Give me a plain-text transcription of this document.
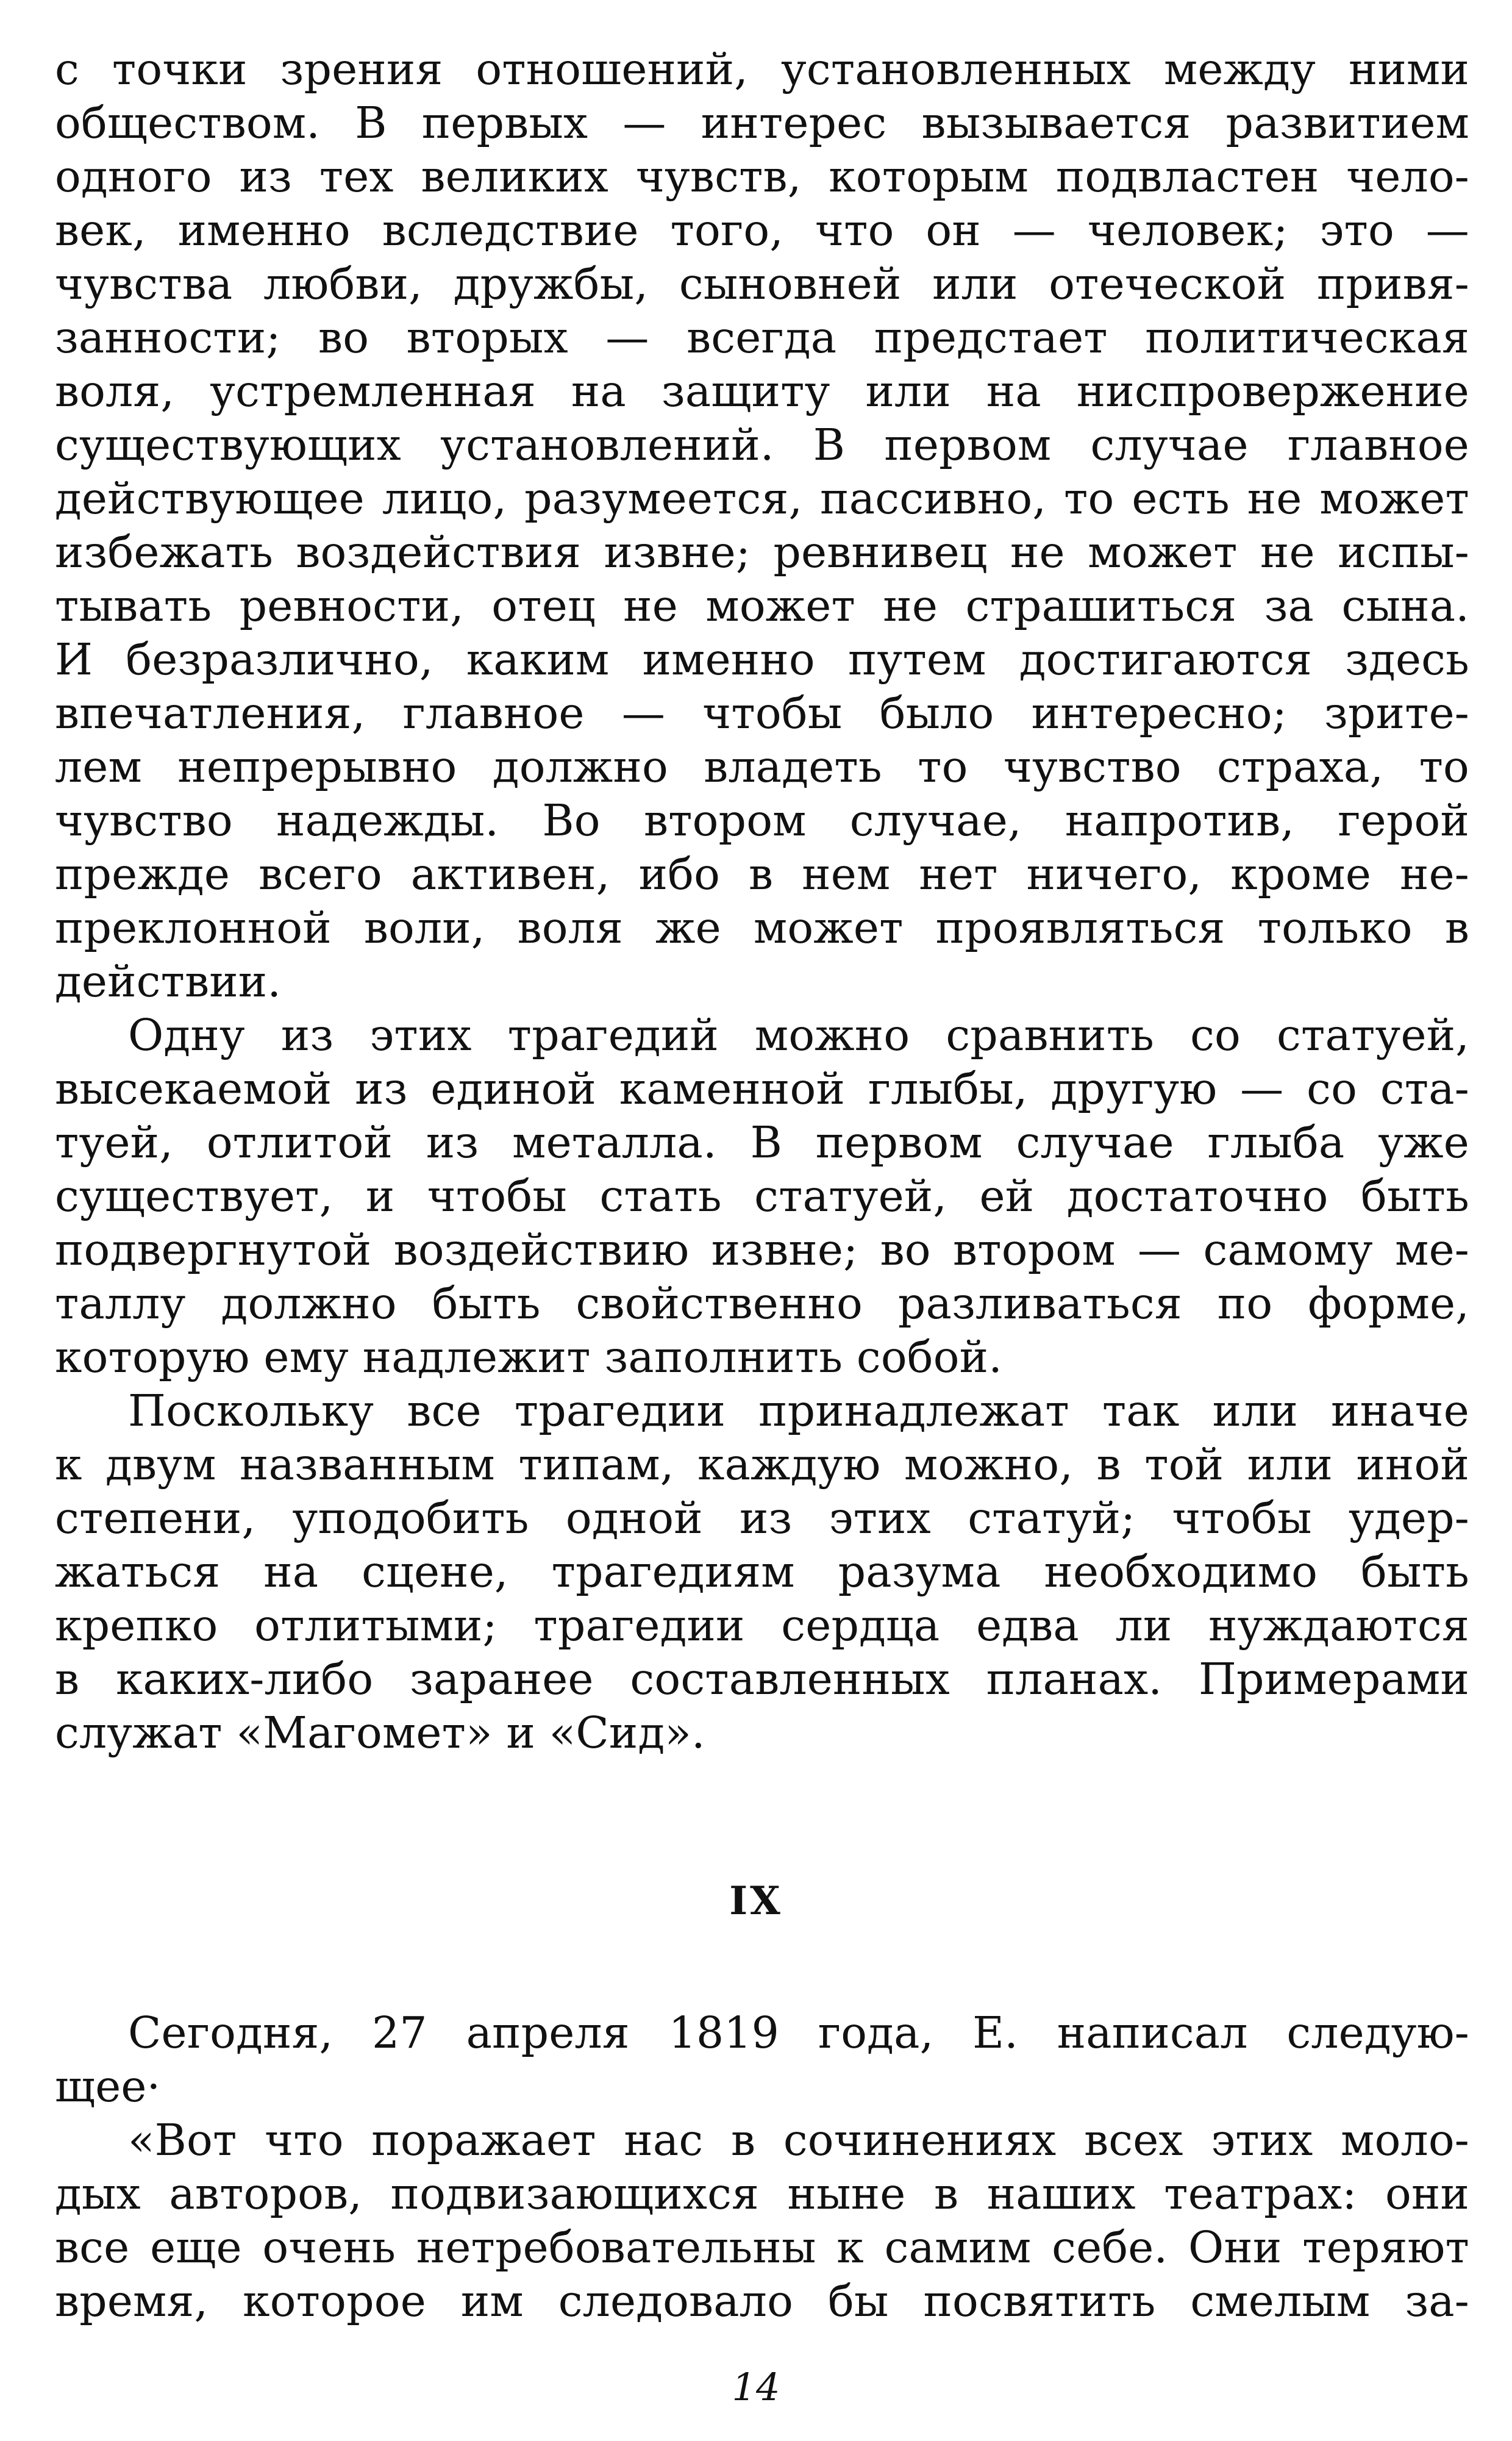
с точки зрения отношений, установленных между ними
обществом. В первых — интерес вызывается развитием
одного из тех великих чувств, которым подвластен чело-
век, именно вследствие того, что он — человек; это —
чувства любви, дружбы, сыновней или отеческой привя-
занности; во вторых — всегда предстает политическая
воля, устремленная на защиту или на ниспровержение
существующих установлений. В первом случае главное
действующее лицо, разумеется, пассивно, то есть не может
избежать воздействия извне; ревнивец не может не испы-
тывать ревности, отец не может не страшиться за сына.
И безразлично, каким именно путем достигаются здесь
впечатления, главное — чтобы было интересно; зрите-
лем непрерывно должно владеть то чувство страха, то
чувство надежды. Во втором случае, напротив, герой
прежде всего активен, ибо в нем нет ничего, кроме не-
преклонной воли, воля же может проявляться только в
действии.
Одну из этих трагедий можно сравнить со статуей,
высекаемой из единой каменной глыбы, другую — со ста-
туей, отлитой из металла. В первом случае глыба уже
существует, и чтобы стать статуей, ей достаточно быть
подвергнутой воздействию извне; во втором — самому ме-
таллу должно быть свойственно разливаться по форме,
которую ему надлежит заполнить собой.
Поскольку все трагедии принадлежат так или иначе
к двум названным типам, каждую можно, в той или иной
степени, уподобить одной из этих статуй; чтобы удер-
жаться на сцене, трагедиям разума необходимо быть
крепко отлитыми; трагедии сердца едва ли нуждаются
в каких-либо заранее составленных планах. Примерами
служат «Магомет» и «Сид».
IX
Сегодня, 27 апреля 1819 года, Е. написал следую-
щее·
«Вот что поражает нас в сочинениях всех этих моло-
дых авторов, подвизающихся ныне в наших театрах: они
все еще очень нетребовательны к самим себе. Они теряют
время, которое им следовало бы посвятить смелым за-
14
